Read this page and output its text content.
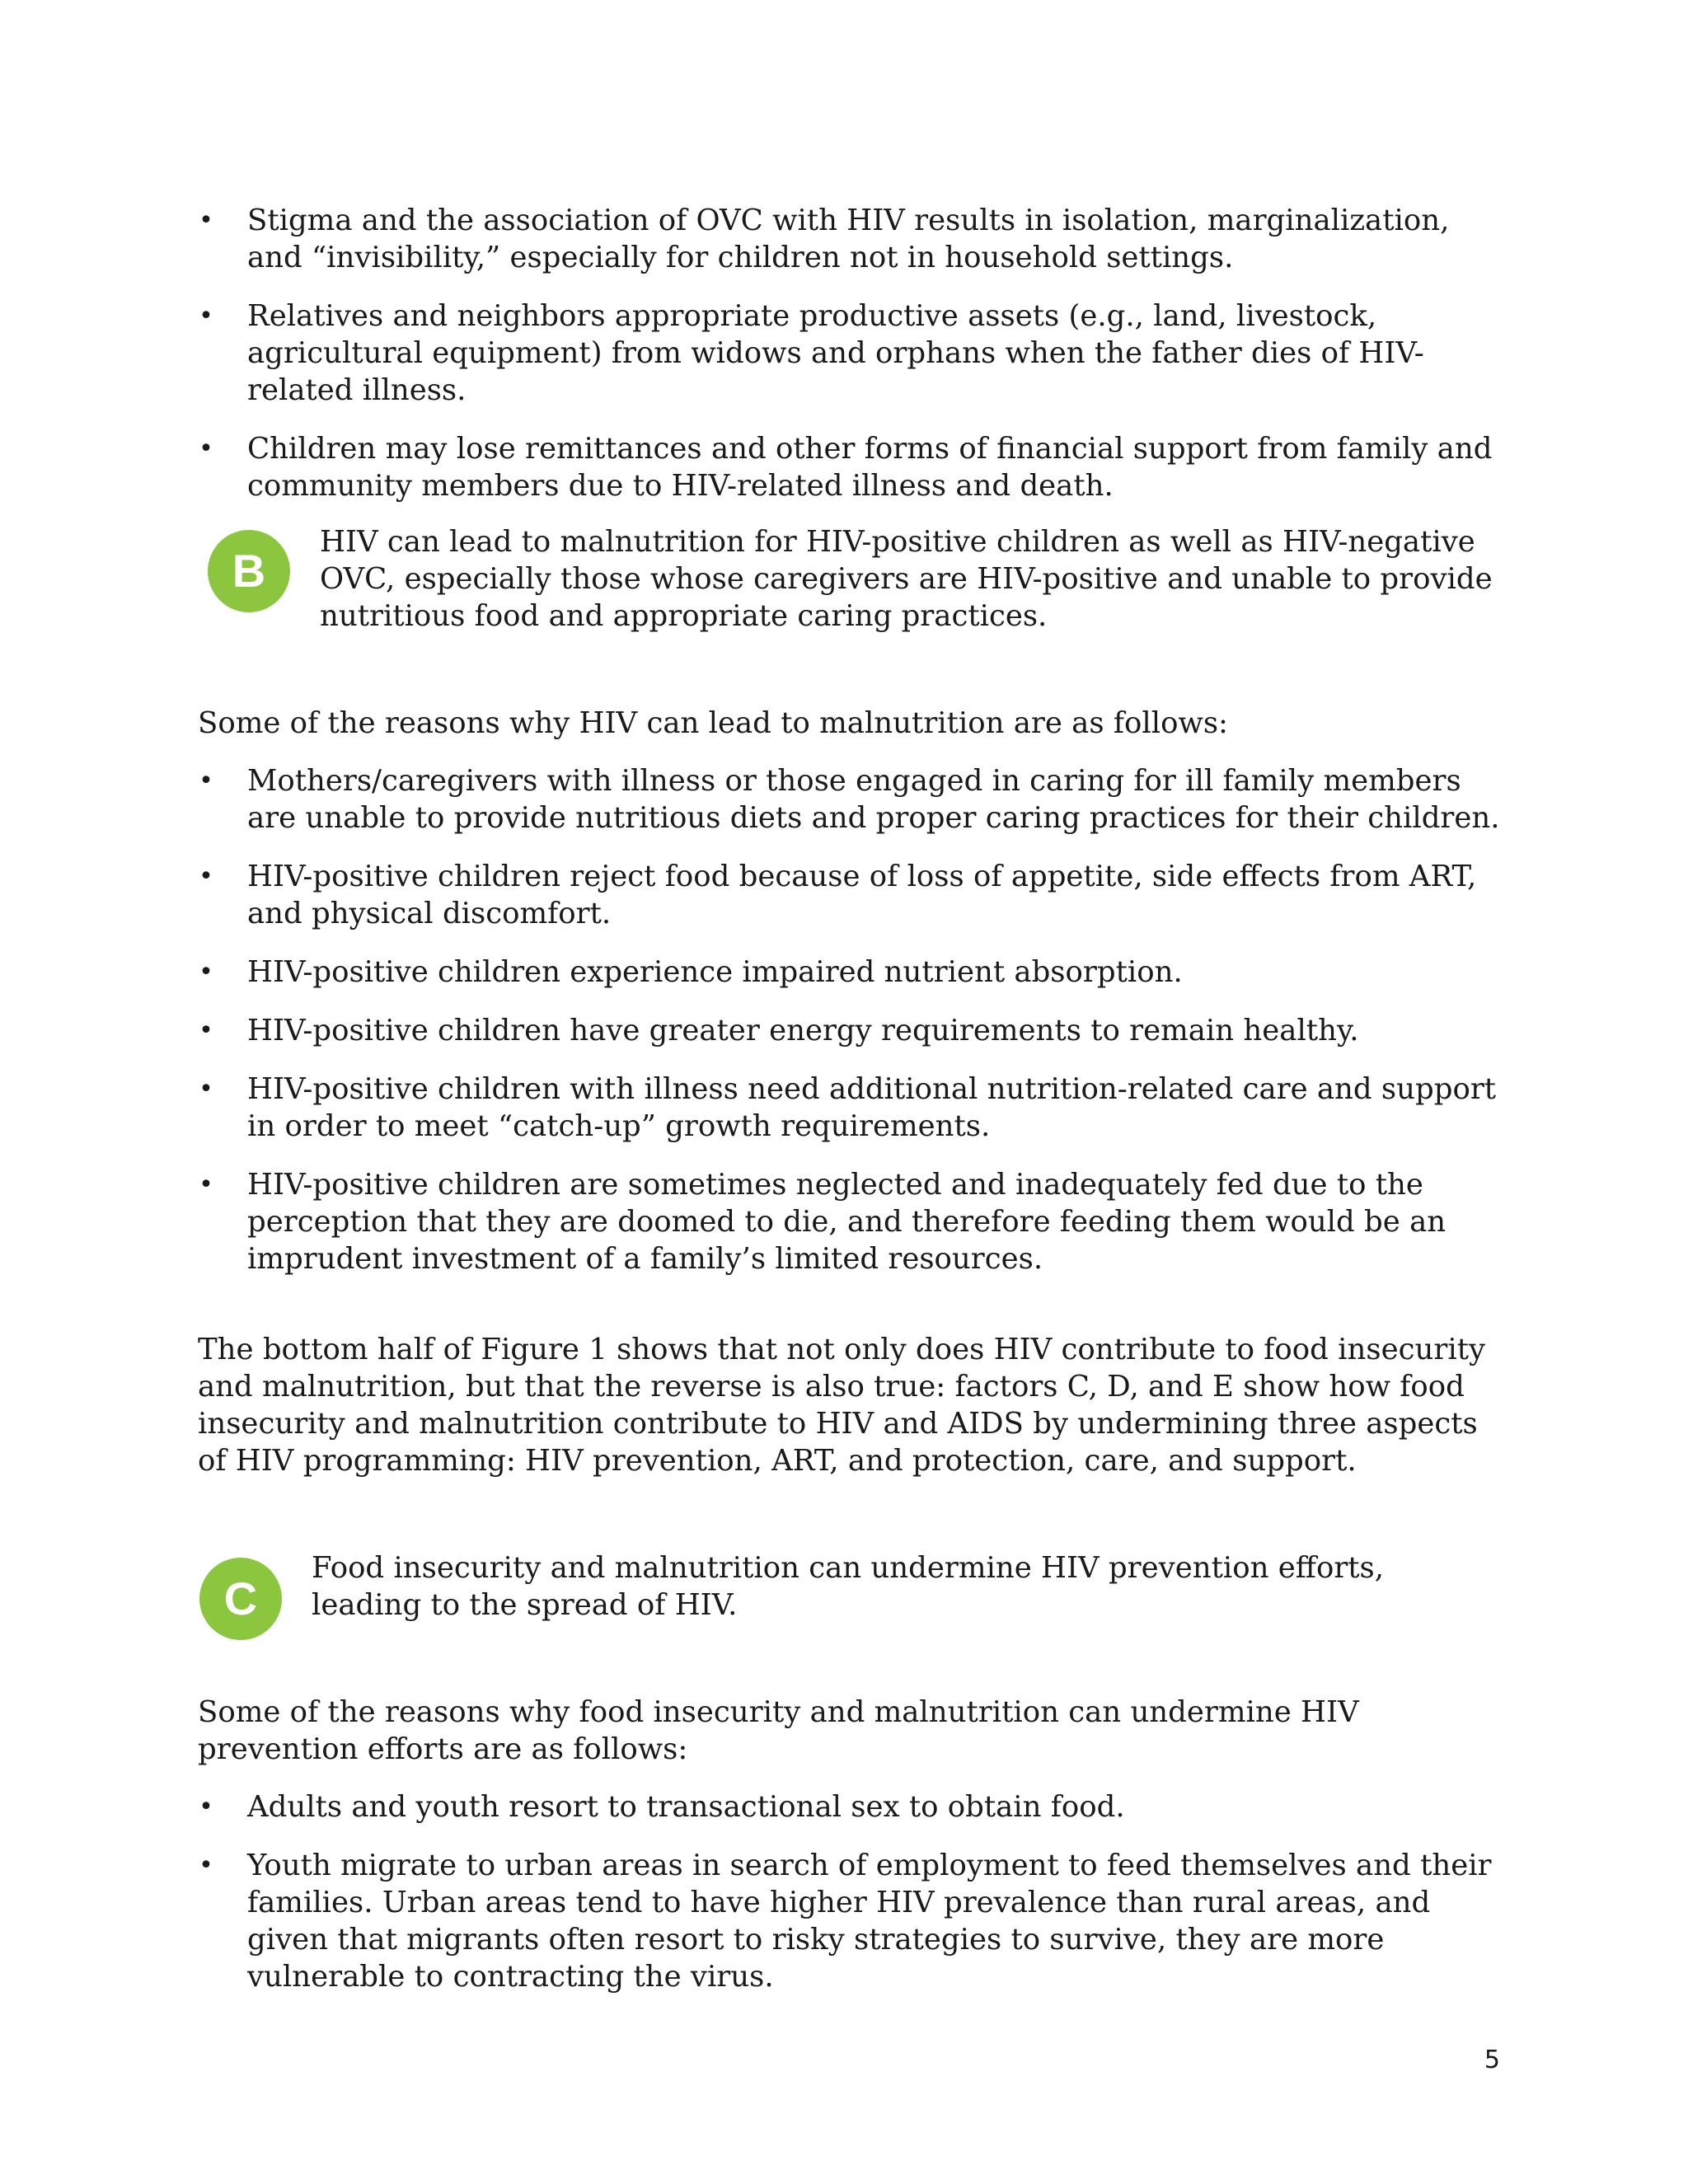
• Stigma and the association of OVC with HIV results in isolation, marginalization, and “invisibility,” especially for children not in household settings.
• Relatives and neighbors appropriate productive assets (e.g., land, livestock, agricultural equipment) from widows and orphans when the father dies of HIV-related illness.
• Children may lose remittances and other forms of financial support from family and community members due to HIV-related illness and death.
B

HIV can lead to malnutrition for HIV-positive children as well as HIV-negative OVC, especially those whose caregivers are HIV-positive and unable to provide nutritious food and appropriate caring practices.

Some of the reasons why HIV can lead to malnutrition are as follows:

• Mothers/caregivers with illness or those engaged in caring for ill family members are unable to provide nutritious diets and proper caring practices for their children.
• HIV-positive children reject food because of loss of appetite, side effects from ART, and physical discomfort.
• HIV-positive children experience impaired nutrient absorption.
• HIV-positive children have greater energy requirements to remain healthy.
• HIV-positive children with illness need additional nutrition-related care and support in order to meet “catch-up” growth requirements.
• HIV-positive children are sometimes neglected and inadequately fed due to the perception that they are doomed to die, and therefore feeding them would be an imprudent investment of a family’s limited resources.

The bottom half of Figure 1 shows that not only does HIV contribute to food insecurity and malnutrition, but that the reverse is also true: factors C, D, and E show how food insecurity and malnutrition contribute to HIV and AIDS by undermining three aspects of HIV programming: HIV prevention, ART, and protection, care, and support.

C

Food insecurity and malnutrition can undermine HIV prevention efforts, leading to the spread of HIV.

Some of the reasons why food insecurity and malnutrition can undermine HIV prevention efforts are as follows:

• Adults and youth resort to transactional sex to obtain food.
• Youth migrate to urban areas in search of employment to feed themselves and their families. Urban areas tend to have higher HIV prevalence than rural areas, and given that migrants often resort to risky strategies to survive, they are more vulnerable to contracting the virus.
5
